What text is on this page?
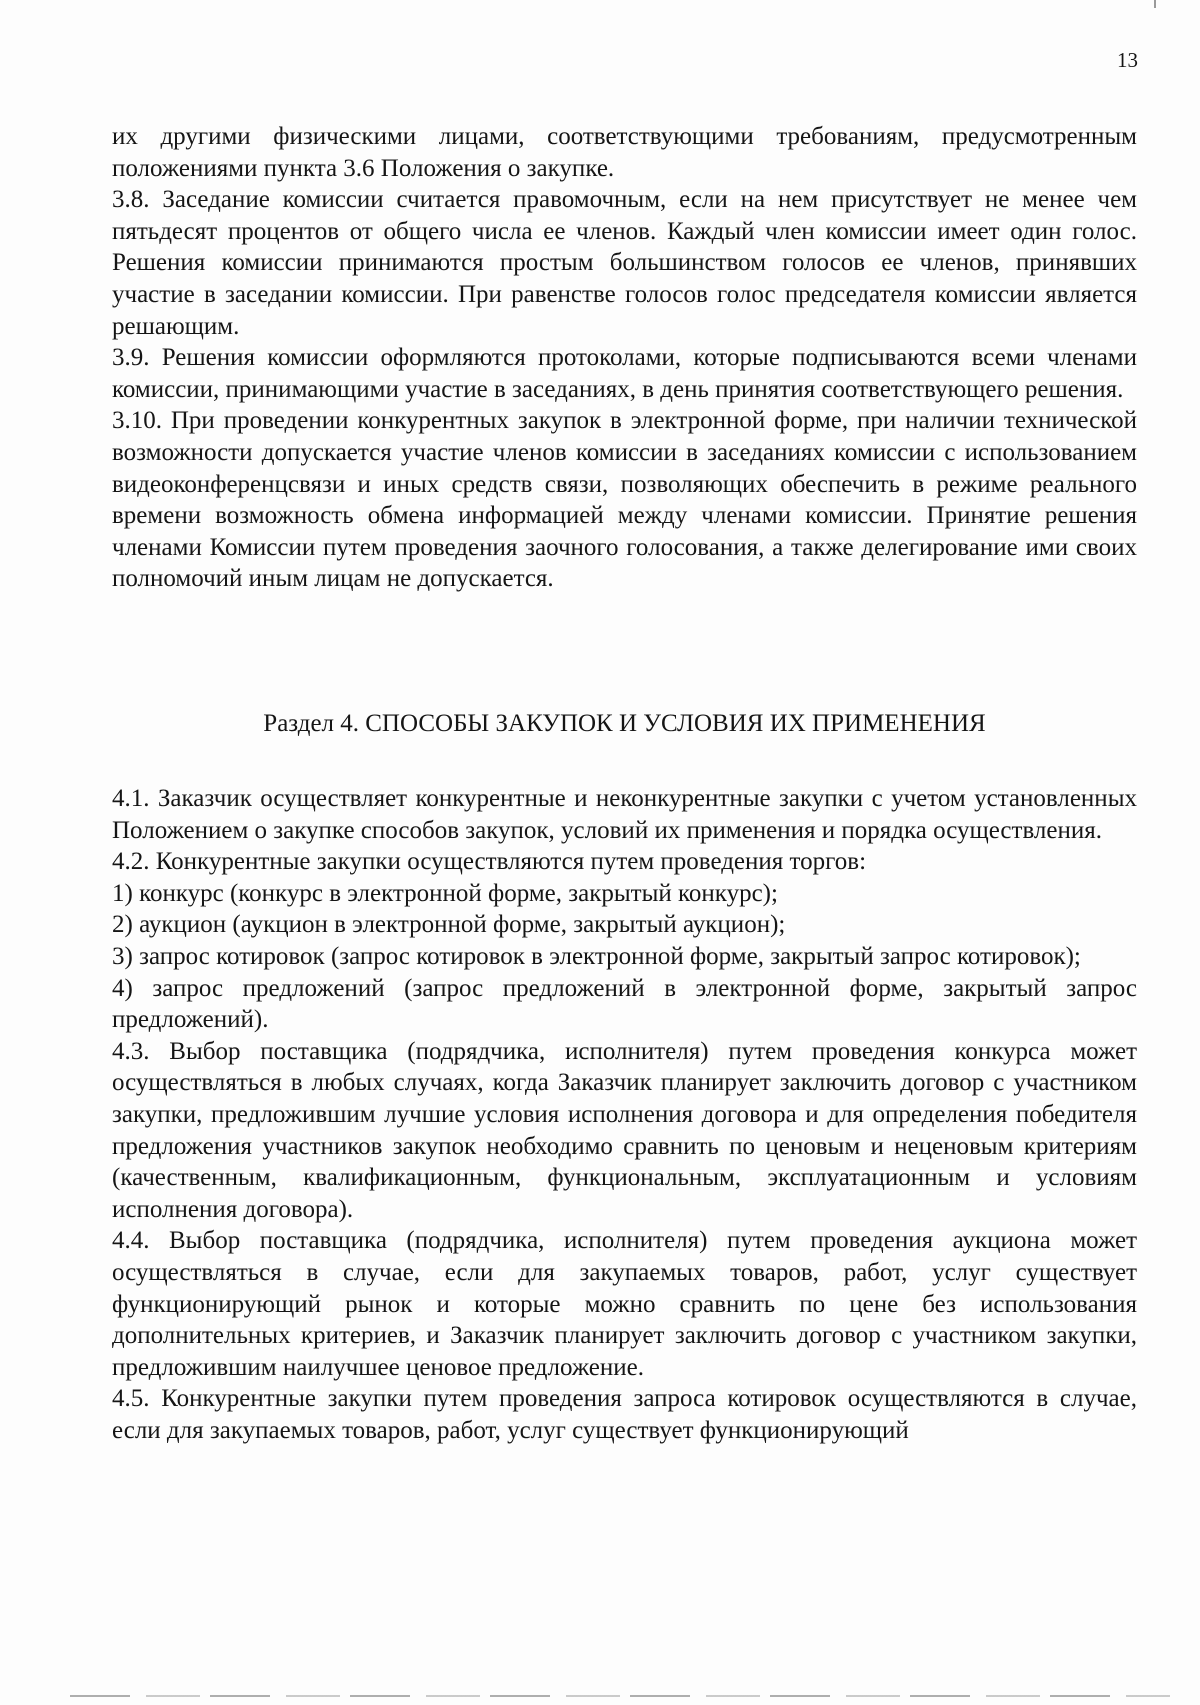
13

их другими физическими лицами, соответствующими требованиям, предусмотренным положениями пункта 3.6 Положения о закупке.

3.8. Заседание комиссии считается правомочным, если на нем присутствует не менее чем пятьдесят процентов от общего числа ее членов. Каждый член комиссии имеет один голос. Решения комиссии принимаются простым большинством голосов ее членов, принявших участие в заседании комиссии. При равенстве голосов голос председателя комиссии является решающим.

3.9. Решения комиссии оформляются протоколами, которые подписываются всеми членами комиссии, принимающими участие в заседаниях, в день принятия соответствующего решения.

3.10. При проведении конкурентных закупок в электронной форме, при наличии технической возможности допускается участие членов комиссии в заседаниях комиссии с использованием видеоконференцсвязи и иных средств связи, позволяющих обеспечить в режиме реального времени возможность обмена информацией между членами комиссии. Принятие решения членами Комиссии путем проведения заочного голосования, а также делегирование ими своих полномочий иным лицам не допускается.

Раздел 4. СПОСОБЫ ЗАКУПОК И УСЛОВИЯ ИХ ПРИМЕНЕНИЯ

4.1. Заказчик осуществляет конкурентные и неконкурентные закупки с учетом установленных Положением о закупке способов закупок, условий их применения и порядка осуществления.

4.2. Конкурентные закупки осуществляются путем проведения торгов:

1) конкурс (конкурс в электронной форме, закрытый конкурс);

2) аукцион (аукцион в электронной форме, закрытый аукцион);

3) запрос котировок (запрос котировок в электронной форме, закрытый запрос котировок);

4) запрос предложений (запрос предложений в электронной форме, закрытый запрос предложений).

4.3. Выбор поставщика (подрядчика, исполнителя) путем проведения конкурса может осуществляться в любых случаях, когда Заказчик планирует заключить договор с участником закупки, предложившим лучшие условия исполнения договора и для определения победителя предложения участников закупок необходимо сравнить по ценовым и неценовым критериям (качественным, квалификационным, функциональным, эксплуатационным и условиям исполнения договора).

4.4. Выбор поставщика (подрядчика, исполнителя) путем проведения аукциона может осуществляться в случае, если для закупаемых товаров, работ, услуг существует функционирующий рынок и которые можно сравнить по цене без использования дополнительных критериев, и Заказчик планирует заключить договор с участником закупки, предложившим наилучшее ценовое предложение.

4.5. Конкурентные закупки путем проведения запроса котировок осуществляются в случае, если для закупаемых товаров, работ, услуг существует функционирующий
